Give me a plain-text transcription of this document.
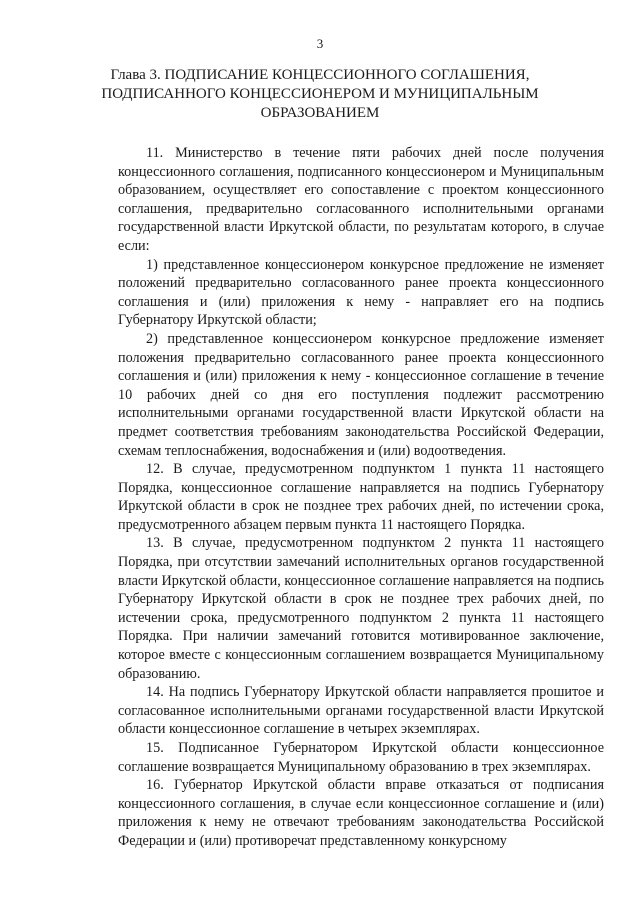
3
Глава 3. ПОДПИСАНИЕ КОНЦЕССИОННОГО СОГЛАШЕНИЯ,
ПОДПИСАННОГО КОНЦЕССИОНЕРОМ И МУНИЦИПАЛЬНЫМ
ОБРАЗОВАНИЕМ

11. Министерство в течение пяти рабочих дней после получения концессионного соглашения, подписанного концессионером и Муниципальным образованием, осуществляет его сопоставление с проектом концессионного соглашения, предварительно согласованного исполнительными органами государственной власти Иркутской области, по результатам которого, в случае если:

1) представленное концессионером конкурсное предложение не изменяет положений предварительно согласованного ранее проекта концессионного соглашения и (или) приложения к нему - направляет его на подпись Губернатору Иркутской области;

2) представленное концессионером конкурсное предложение изменяет положения предварительно согласованного ранее проекта концессионного соглашения и (или) приложения к нему - концессионное соглашение в течение 10 рабочих дней со дня его поступления подлежит рассмотрению исполнительными органами государственной власти Иркутской области на предмет соответствия требованиям законодательства Российской Федерации, схемам теплоснабжения, водоснабжения и (или) водоотведения.

12. В случае, предусмотренном подпунктом 1 пункта 11 настоящего Порядка, концессионное соглашение направляется на подпись Губернатору Иркутской области в срок не позднее трех рабочих дней, по истечении срока, предусмотренного абзацем первым пункта 11 настоящего Порядка.

13. В случае, предусмотренном подпунктом 2 пункта 11 настоящего Порядка, при отсутствии замечаний исполнительных органов государственной власти Иркутской области, концессионное соглашение направляется на подпись Губернатору Иркутской области в срок не позднее трех рабочих дней, по истечении срока, предусмотренного подпунктом 2 пункта 11 настоящего Порядка. При наличии замечаний готовится мотивированное заключение, которое вместе с концессионным соглашением возвращается Муниципальному образованию.

14. На подпись Губернатору Иркутской области направляется прошитое и согласованное исполнительными органами государственной власти Иркутской области концессионное соглашение в четырех экземплярах.

15. Подписанное Губернатором Иркутской области концессионное соглашение возвращается Муниципальному образованию в трех экземплярах.

16. Губернатор Иркутской области вправе отказаться от подписания концессионного соглашения, в случае если концессионное соглашение и (или) приложения к нему не отвечают требованиям законодательства Российской Федерации и (или) противоречат представленному конкурсному
